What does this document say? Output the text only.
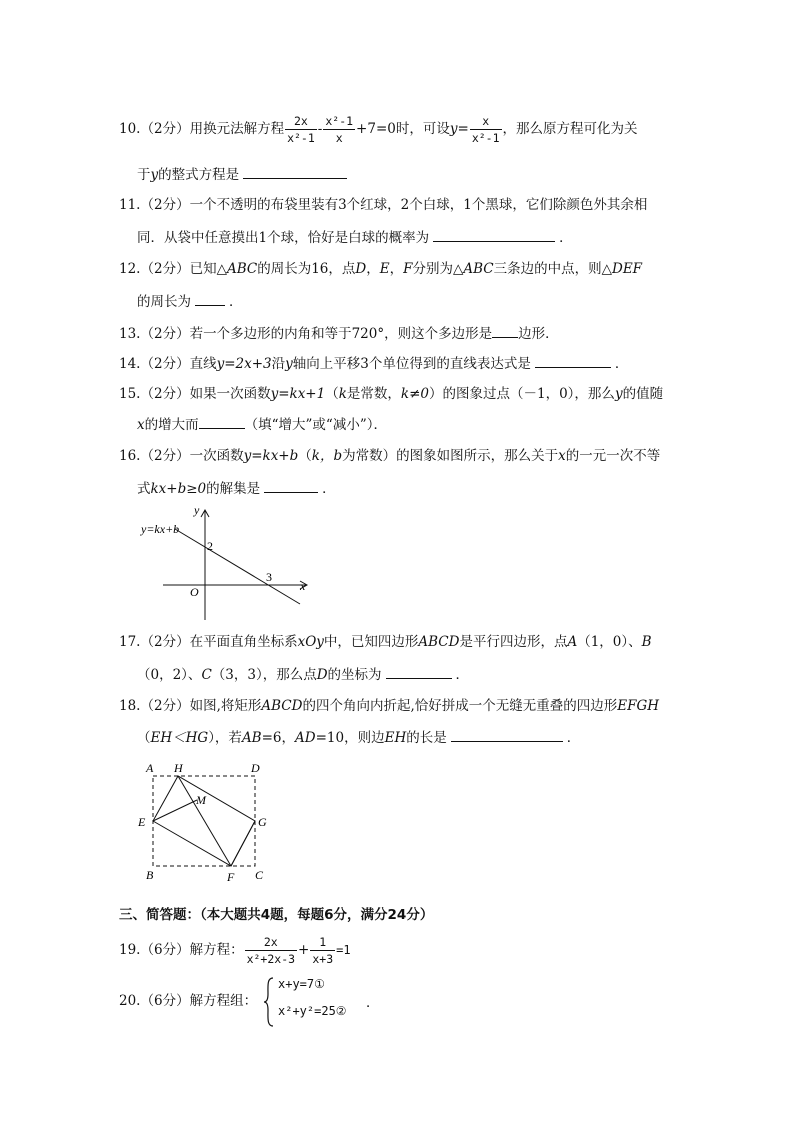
10.（2分）用换元法解方程 $\frac{2x}{\text{x²-1}} - \frac{\text{x²-1}}{x} +7=0$时，可设$y= \frac{x}{\text{x²-1}}$ ，那么原方程可化为关
于y的整式方程是
11.（2分）一个不透明的布袋里装有3个红球，2个白球，1个黑球，它们除颜色外其余相
同．从袋中任意摸出1个球，恰好是白球的概率为	．
12.（2分）已知△ABC的周长为16，点D，E，F分别为△ABC三条边的中点，则△DEF
的周长为	．
13.（2分）若一个多边形的内角和等于720°，则这个多边形是 边形．
14.（2分）直线y=2x+3沿y轴向上平移3个单位得到的直线表达式是	．
15.（2分）如果一次函数y=kx+1（k是常数，k≠0）的图象过点（－1，0），那么y的值随
x的增大而	（填“增大”或“减小”）．
16.（2分）一次函数y=kx+b（k，b为常数）的图象如图所示，那么关于x的一元一次不等
式kx+b≥0的解集是	．
y
x
O
y=kx+b
2
3
17.（2分）在平面直角坐标系xOy中，已知四边形ABCD是平行四边形，点A（1，0）、B
（0，2）、C（3，3），那么点D的坐标为	．
18.（2分）如图,将矩形ABCD的四个角向内折起,恰好拼成一个无缝无重叠的四边形EFGH
（EH＜HG），若AB=6，AD=10，则边EH的长是	．
A H	D
M
E	G
B	F C
三、简答题：（本大题共4题，每题6分，满分24分）
19.（6分）解方程： $\frac{2x}{\text{x²+2x-3}} + \frac{1}{x+3} =1$
20.（6分）解方程组：
x+y=7①
x²+y²=25② ．
